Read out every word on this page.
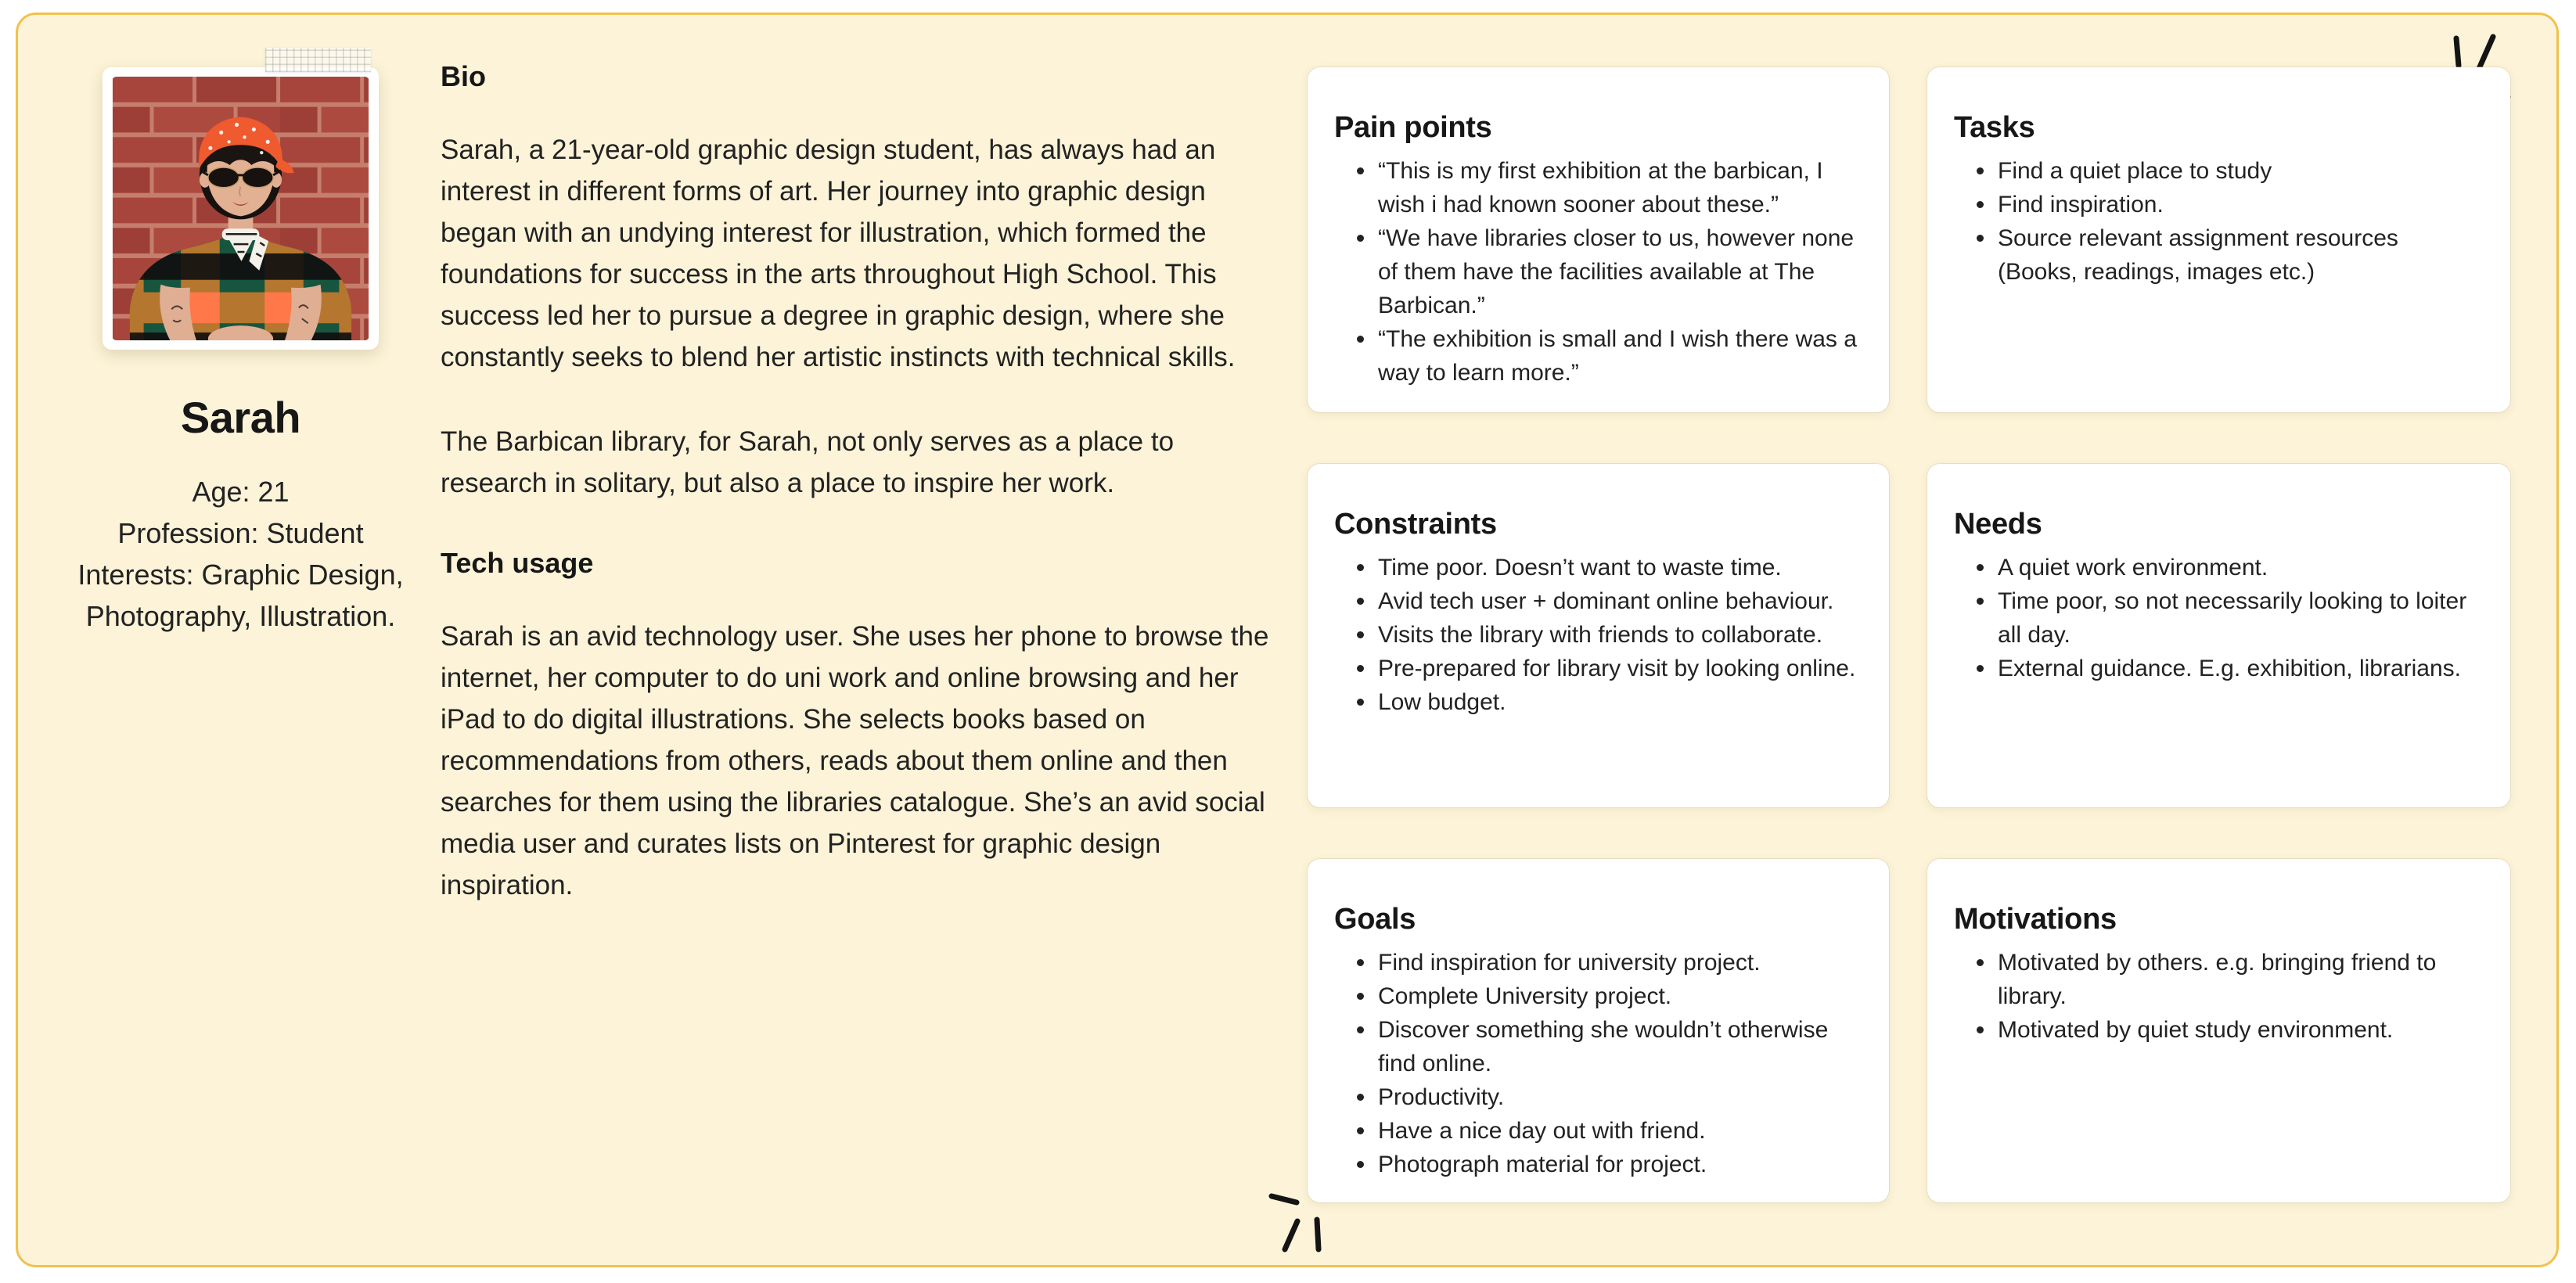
Sarah
Age: 21
Profession: Student
Interests: Graphic Design, Photography, Illustration.
Bio

Sarah, a 21-year-old graphic design student, has always had an interest in different forms of art. Her journey into graphic design began with an undying interest for illustration, which formed the foundations for success in the arts throughout High School. This success led her to pursue a degree in graphic design, where she constantly seeks to blend her artistic instincts with technical skills.

The Barbican library, for Sarah, not only serves as a place to research in solitary, but also a place to inspire her work.

Tech usage

Sarah is an avid technology user. She uses her phone to browse the internet, her computer to do uni work and online browsing and her iPad to do digital illustrations. She selects books based on recommendations from others, reads about them online and then searches for them using the libraries catalogue. She’s an avid social media user and curates lists on Pinterest for graphic design inspiration.

Pain points
“This is my first exhibition at the barbican, I wish i had known sooner about these.”
“We have libraries closer to us, however none of them have the facilities available at The Barbican.”
“The exhibition is small and I wish there was a way to learn more.”
Tasks
Find a quiet place to study
Find inspiration.
Source relevant assignment resources (Books, readings, images etc.)
Constraints
Time poor. Doesn’t want to waste time.
Avid tech user + dominant online behaviour.
Visits the library with friends to collaborate.
Pre-prepared for library visit by looking online.
Low budget.
Needs
A quiet work environment.
Time poor, so not necessarily looking to loiter all day.
External guidance. E.g. exhibition, librarians.
Goals
Find inspiration for university project.
Complete University project.
Discover something she wouldn’t otherwise find online.
Productivity.
Have a nice day out with friend.
Photograph material for project.
Motivations
Motivated by others. e.g. bringing friend to library.
Motivated by quiet study environment.
